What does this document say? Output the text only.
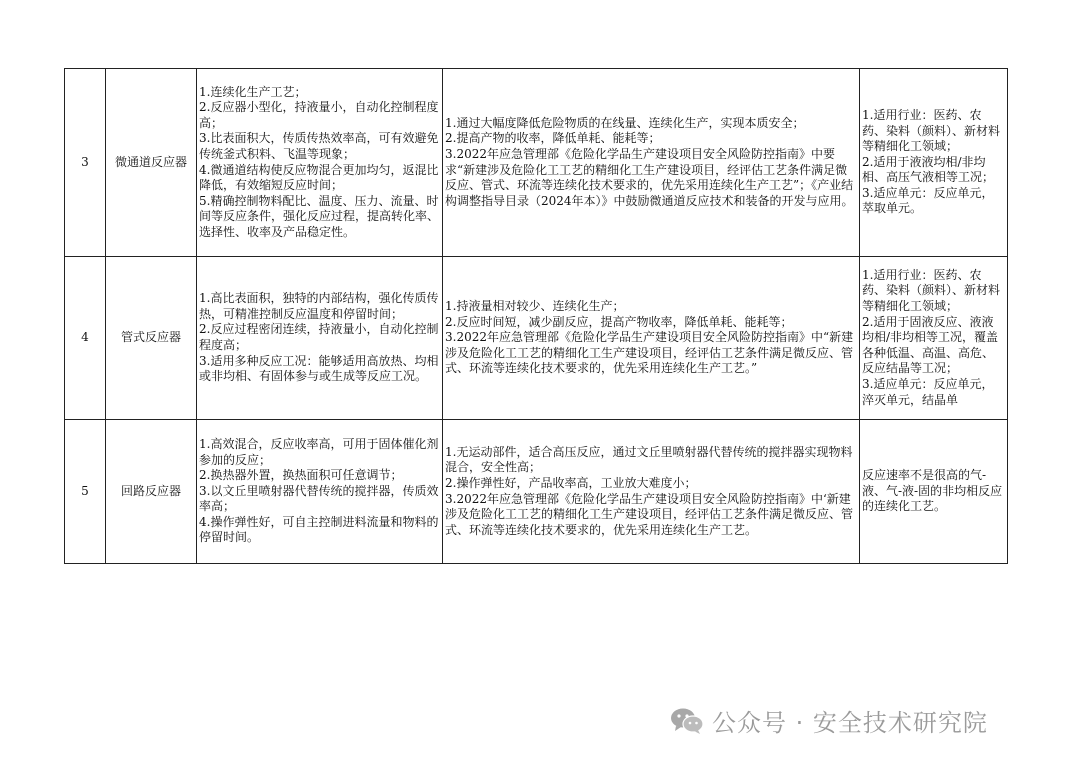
3	微通道反应器	1.连续化生产工艺；
2.反应器小型化，持液量小，自动化控制程度高；
3.比表面积大，传质传热效率高，可有效避免传统釜式积料、飞温等现象；
4.微通道结构使反应物混合更加均匀，返混比降低，有效缩短反应时间；
5.精确控制物料配比、温度、压力、流量、时间等反应条件，强化反应过程，提高转化率、选择性、收率及产品稳定性。	1.通过大幅度降低危险物质的在线量、连续化生产，实现本质安全；
2.提高产物的收率，降低单耗、能耗等；
3.2022年应急管理部《危险化学品生产建设项目安全风险防控指南》中要求“新建涉及危险化工工艺的精细化工生产建设项目，经评估工艺条件满足微反应、管式、环流等连续化技术要求的，优先采用连续化生产工艺”；《产业结构调整指导目录（2024年本）》中鼓励微通道反应技术和装备的开发与应用。	1.适用行业：医药、农药、染料（颜料）、新材料等精细化工领域；
2.适用于液液均相/非均相、高压气液相等工况；
3.适应单元：反应单元，萃取单元。

4	管式反应器	1.高比表面积，独特的内部结构，强化传质传热，可精准控制反应温度和停留时间；
2.反应过程密闭连续，持液量小，自动化控制程度高；
3.适用多种反应工况：能够适用高放热、均相或非均相、有固体参与或生成等反应工况。	1.持液量相对较少、连续化生产；
2.反应时间短，减少副反应，提高产物收率，降低单耗、能耗等；
3.2022年应急管理部《危险化学品生产建设项目安全风险防控指南》中“新建涉及危险化工工艺的精细化工生产建设项目，经评估工艺条件满足微反应、管式、环流等连续化技术要求的，优先采用连续化生产工艺。”	1.适用行业：医药、农药、染料（颜料）、新材料等精细化工领域；
2.适用于固液反应、液液均相/非均相等工况，覆盖各种低温、高温、高危、反应结晶等工况；
3.适应单元：反应单元，淬灭单元，结晶单

5	回路反应器	1.高效混合，反应收率高，可用于固体催化剂参加的反应；
2.换热器外置，换热面积可任意调节；
3.以文丘里喷射器代替传统的搅拌器，传质效率高；
4.操作弹性好，可自主控制进料流量和物料的停留时间。	1.无运动部件，适合高压反应，通过文丘里喷射器代替传统的搅拌器实现物料混合，安全性高；
2.操作弹性好，产品收率高，工业放大难度小；
3.2022年应急管理部《危险化学品生产建设项目安全风险防控指南》中‘新建涉及危险化工工艺的精细化工生产建设项目，经评估工艺条件满足微反应、管式、环流等连续化技术要求的，优先采用连续化生产工艺。	反应速率不是很高的气-液、气-液-固的非均相反应的连续化工艺。
公众号 · 安全技术研究院
